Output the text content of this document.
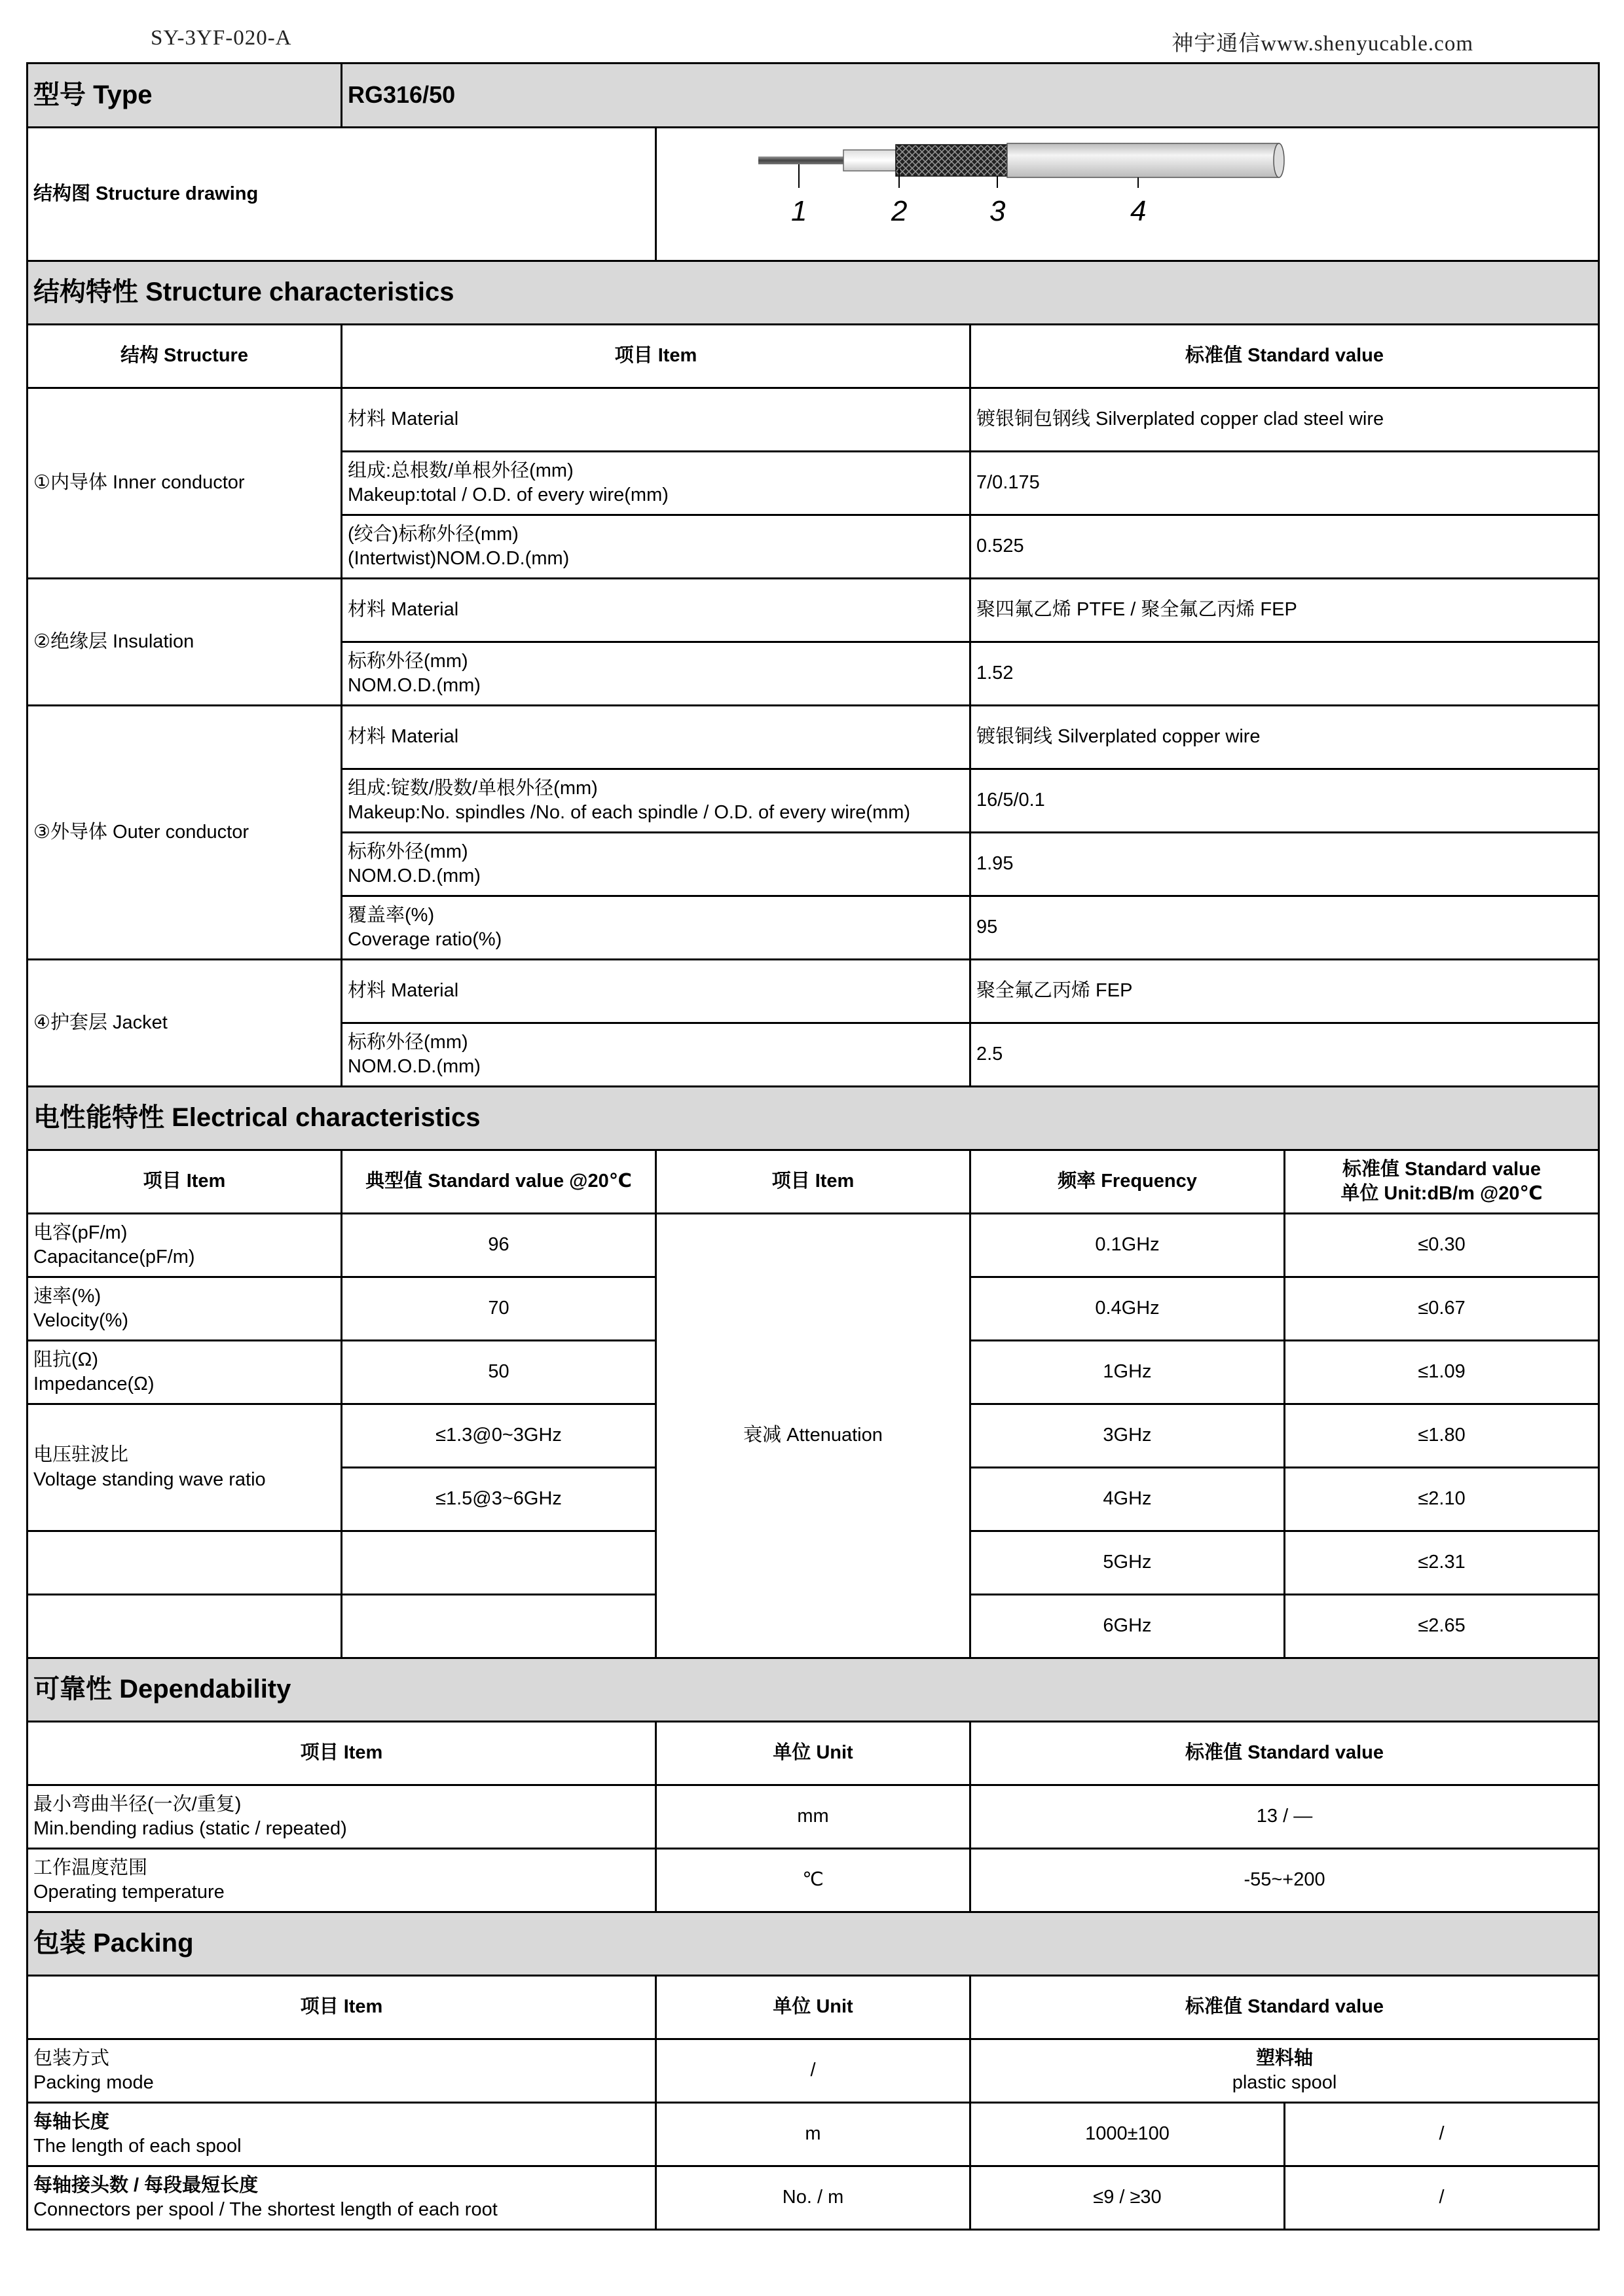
SY-3YF-020-A	神宇通信www.shenyucable.com
型号 Type	RG316/50			
结构图 Structure drawing		1 2 3 4		

结构特性 Structure characteristics				
结构 Structure	项目 Item		标准值 Standard value	
①内导体 Inner conductor	材料 Material		镀银铜包钢线 Silverplated copper clad steel wire	
	组成:总根数/单根外径(mm)
Makeup:total / O.D. of every wire(mm)		7/0.175	
	(绞合)标称外径(mm)
(Intertwist)NOM.O.D.(mm)		0.525	
②绝缘层 Insulation	材料 Material		聚四氟乙烯 PTFE / 聚全氟乙丙烯 FEP	
	标称外径(mm)
NOM.O.D.(mm)		1.52	
③外导体 Outer conductor	材料 Material		镀银铜线 Silverplated copper wire	
	组成:锭数/股数/单根外径(mm)
Makeup:No. spindles /No. of each spindle / O.D. of every wire(mm)		16/5/0.1	
	标称外径(mm)
NOM.O.D.(mm)		1.95	
	覆盖率(%)
Coverage ratio(%)		95	
④护套层 Jacket	材料 Material		聚全氟乙丙烯 FEP	
	标称外径(mm)
NOM.O.D.(mm)		2.5	
电性能特性 Electrical characteristics				
项目 Item	典型值 Standard value @20℃	项目 Item	频率 Frequency	标准值 Standard value
单位 Unit:dB/m @20℃
电容(pF/m)
Capacitance(pF/m)	96	衰减 Attenuation	0.1GHz	≤0.30
速率(%)
Velocity(%)	70		0.4GHz	≤0.67
阻抗(Ω)
Impedance(Ω)	50		1GHz	≤1.09
电压驻波比
Voltage standing wave ratio	≤1.3@0~3GHz		3GHz	≤1.80
	≤1.5@3~6GHz		4GHz	≤2.10
			5GHz	≤2.31
			6GHz	≤2.65
可靠性 Dependability				
项目 Item		单位 Unit	标准值 Standard value	
最小弯曲半径(一次/重复)
Min.bending radius (static / repeated)		mm	13 / —	
工作温度范围
Operating temperature		℃	-55~+200	
包装 Packing				
项目 Item		单位 Unit	标准值 Standard value	
包装方式
Packing mode		/	塑料轴
plastic spool	
每轴长度
The length of each spool		m	1000±100	/
每轴接头数 / 每段最短长度
Connectors per spool / The shortest length of each root		No. / m	≤9 / ≥30	/
